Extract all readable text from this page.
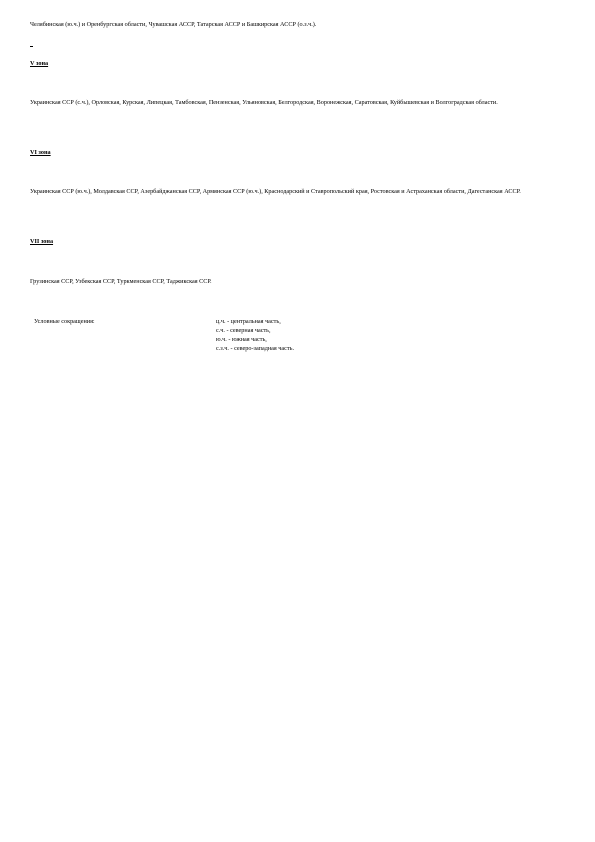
Челябинская (ю.ч.) и Оренбургская области, Чувашская АССР, Татарская АССР и Башкирская АССР (о.з.ч.).
V зона
Украинская ССР (с.ч.), Орловская, Курская, Липецкая, Тамбовская, Пензенская, Ульяновская, Белгородская, Воронежская, Саратовская, Куйбышевская и Волгоградская области.
VI зона
Украинская ССР (ю.ч.), Молдавская ССР, Азербайджанская ССР, Армянская ССР (ю.ч.), Краснодарский и Ставропольский края, Ростовская и Астраханская области, Дагестанская АССР.
VII зона
Грузинская ССР, Узбекская ССР, Туркменская ССР, Таджикская ССР.
Условные сокращения:	ц.ч. - центральная часть,
с.ч. - северная часть,
ю.ч. - южная часть,
с.з.ч. - северо-западная часть.
